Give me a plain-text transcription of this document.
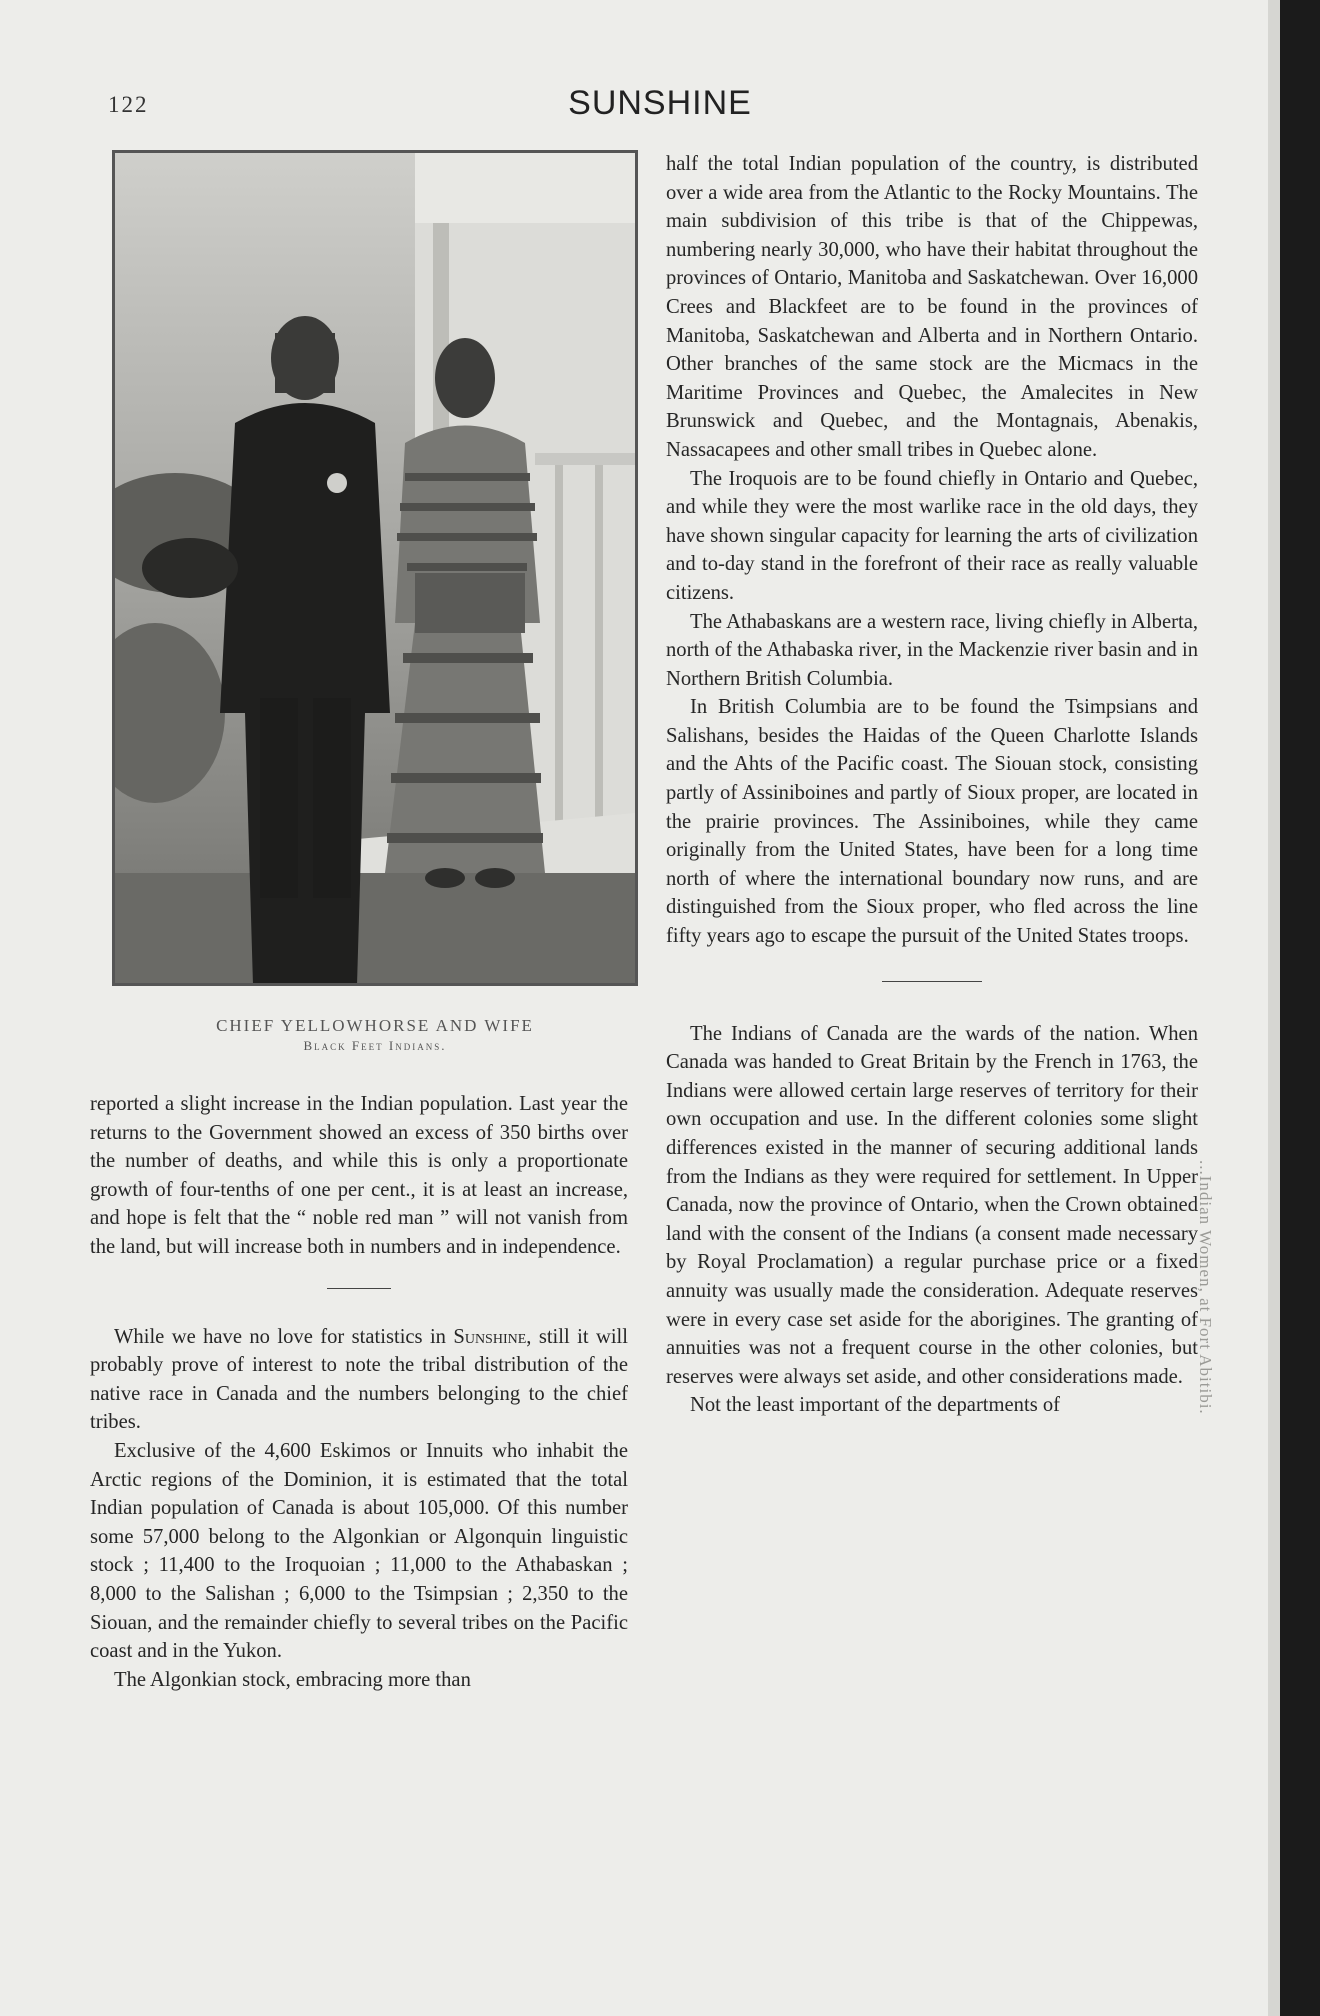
122	SUNSHINE
CHIEF YELLOWHORSE AND WIFE
Black Feet Indians.

reported a slight increase in the Indian population. Last year the returns to the Government showed an excess of 350 births over the number of deaths, and while this is only a proportionate growth of four-tenths of one per cent., it is at least an increase, and hope is felt that the “ noble red man ” will not vanish from the land, but will increase both in numbers and in independence.

While we have no love for statistics in Sunshine, still it will probably prove of interest to note the tribal distribution of the native race in Canada and the numbers belonging to the chief tribes.

Exclusive of the 4,600 Eskimos or Innuits who inhabit the Arctic regions of the Dominion, it is estimated that the total Indian population of Canada is about 105,000. Of this number some 57,000 belong to the Algonkian or Algonquin linguistic stock ; 11,400 to the Iroquoian ; 11,000 to the Athabaskan ; 8,000 to the Salishan ; 6,000 to the Tsimpsian ; 2,350 to the Siouan, and the remainder chiefly to several tribes on the Pacific coast and in the Yukon.

The Algonkian stock, embracing more than

half the total Indian population of the country, is distributed over a wide area from the Atlantic to the Rocky Mountains. The main subdivision of this tribe is that of the Chippewas, numbering nearly 30,000, who have their habitat throughout the provinces of Ontario, Manitoba and Saskatchewan. Over 16,000 Crees and Blackfeet are to be found in the provinces of Manitoba, Saskatchewan and Alberta and in Northern Ontario. Other branches of the same stock are the Micmacs in the Maritime Provinces and Quebec, the Amalecites in New Brunswick and Quebec, and the Montagnais, Abenakis, Nassacapees and other small tribes in Quebec alone.

The Iroquois are to be found chiefly in Ontario and Quebec, and while they were the most warlike race in the old days, they have shown singular capacity for learning the arts of civilization and to-day stand in the forefront of their race as really valuable citizens.

The Athabaskans are a western race, living chiefly in Alberta, north of the Athabaska river, in the Mackenzie river basin and in Northern British Columbia.

In British Columbia are to be found the Tsimpsians and Salishans, besides the Haidas of the Queen Charlotte Islands and the Ahts of the Pacific coast. The Siouan stock, consisting partly of Assiniboines and partly of Sioux proper, are located in the prairie provinces. The Assiniboines, while they came originally from the United States, have been for a long time north of where the international boundary now runs, and are distinguished from the Sioux proper, who fled across the line fifty years ago to escape the pursuit of the United States troops.

The Indians of Canada are the wards of the nation. When Canada was handed to Great Britain by the French in 1763, the Indians were allowed certain large reserves of territory for their own occupation and use. In the different colonies some slight differences existed in the manner of securing additional lands from the Indians as they were required for settlement. In Upper Canada, now the province of Ontario, when the Crown obtained land with the consent of the Indians (a consent made necessary by Royal Proclamation) a regular purchase price or a fixed annuity was usually made the consideration. Adequate reserves were in every case set aside for the aborigines. The granting of annuities was not a frequent course in the other colonies, but reserves were always set aside, and other considerations made.

Not the least important of the departments of	...Indian Women, at Fort Abitibi.
